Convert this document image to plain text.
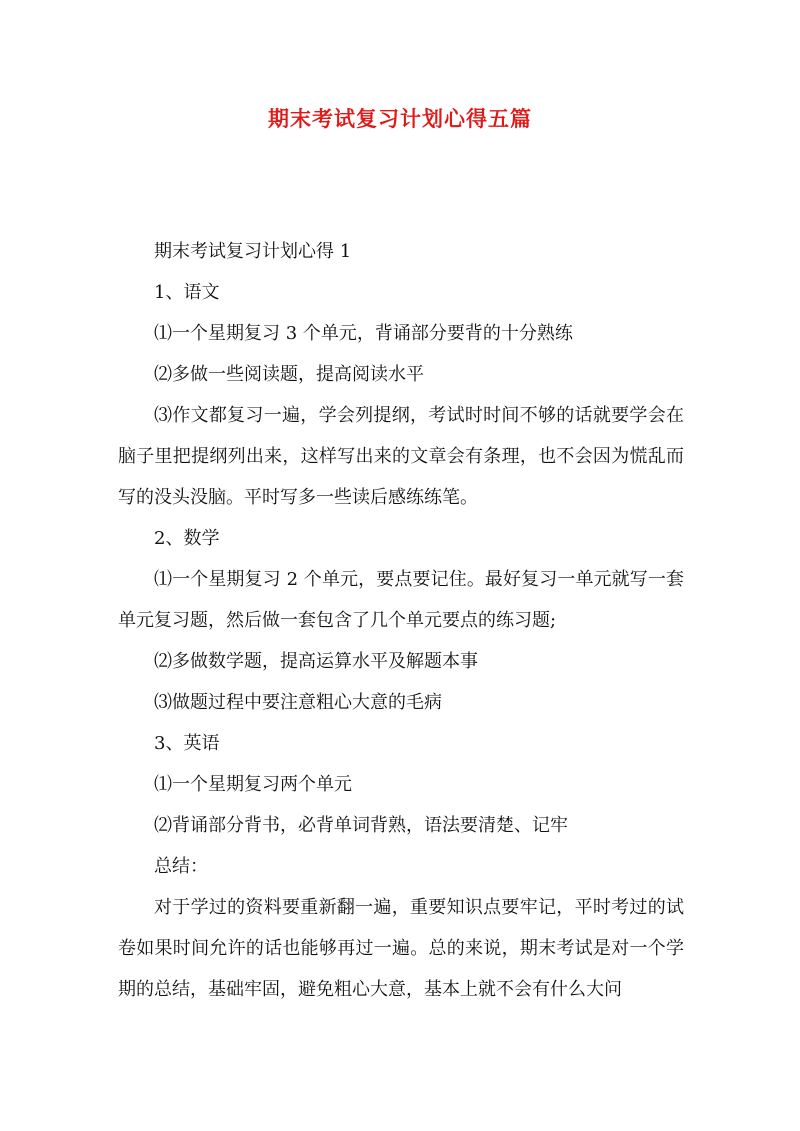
期末考试复习计划心得五篇

期末考试复习计划心得 1

1、语文

⑴一个星期复习 3 个单元，背诵部分要背的十分熟练

⑵多做一些阅读题，提高阅读水平

⑶作文都复习一遍，学会列提纲，考试时时间不够的话就要学会在脑子里把提纲列出来，这样写出来的文章会有条理，也不会因为慌乱而写的没头没脑。平时写多一些读后感练练笔。

2、数学

⑴一个星期复习 2 个单元，要点要记住。最好复习一单元就写一套单元复习题，然后做一套包含了几个单元要点的练习题;

⑵多做数学题，提高运算水平及解题本事

⑶做题过程中要注意粗心大意的毛病

3、英语

⑴一个星期复习两个单元

⑵背诵部分背书，必背单词背熟，语法要清楚、记牢

总结：

对于学过的资料要重新翻一遍，重要知识点要牢记，平时考过的试卷如果时间允许的话也能够再过一遍。总的来说，期末考试是对一个学期的总结，基础牢固，避免粗心大意，基本上就不会有什么大问
